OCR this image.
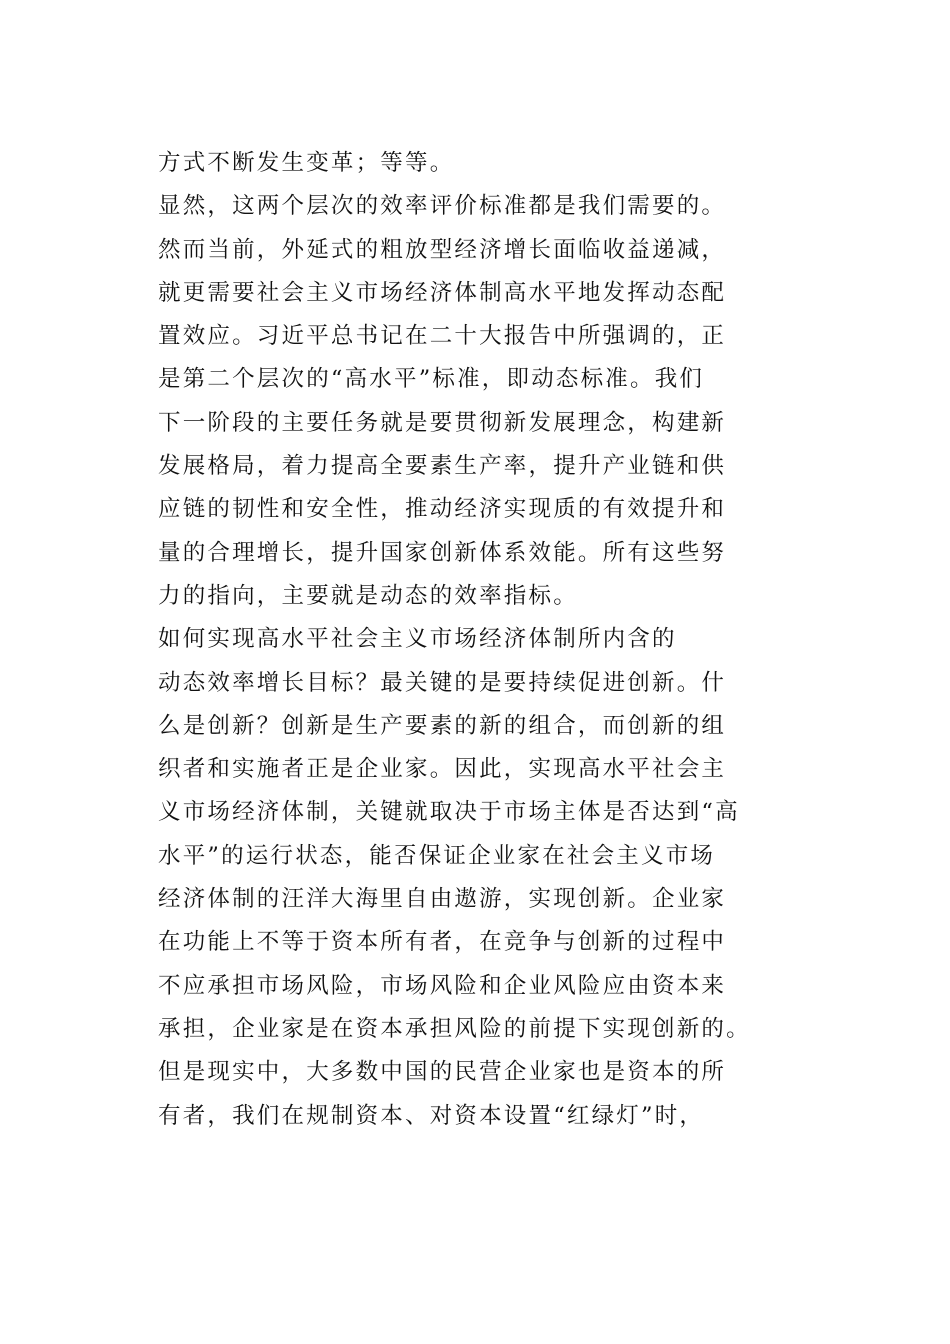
方式不断发生变革；等等。
显然，这两个层次的效率评价标准都是我们需要的。
然而当前，外延式的粗放型经济增长面临收益递减，
就更需要社会主义市场经济体制高水平地发挥动态配
置效应。习近平总书记在二十大报告中所强调的，正
是第二个层次的“高水平”标准，即动态标准。我们
下一阶段的主要任务就是要贯彻新发展理念，构建新
发展格局，着力提高全要素生产率，提升产业链和供
应链的韧性和安全性，推动经济实现质的有效提升和
量的合理增长，提升国家创新体系效能。所有这些努
力的指向，主要就是动态的效率指标。
如何实现高水平社会主义市场经济体制所内含的
动态效率增长目标？最关键的是要持续促进创新。什
么是创新？创新是生产要素的新的组合，而创新的组
织者和实施者正是企业家。因此，实现高水平社会主
义市场经济体制，关键就取决于市场主体是否达到“高
水平”的运行状态，能否保证企业家在社会主义市场
经济体制的汪洋大海里自由遨游，实现创新。企业家
在功能上不等于资本所有者，在竞争与创新的过程中
不应承担市场风险，市场风险和企业风险应由资本来
承担，企业家是在资本承担风险的前提下实现创新的。
但是现实中，大多数中国的民营企业家也是资本的所
有者，我们在规制资本、对资本设置“红绿灯”时，
